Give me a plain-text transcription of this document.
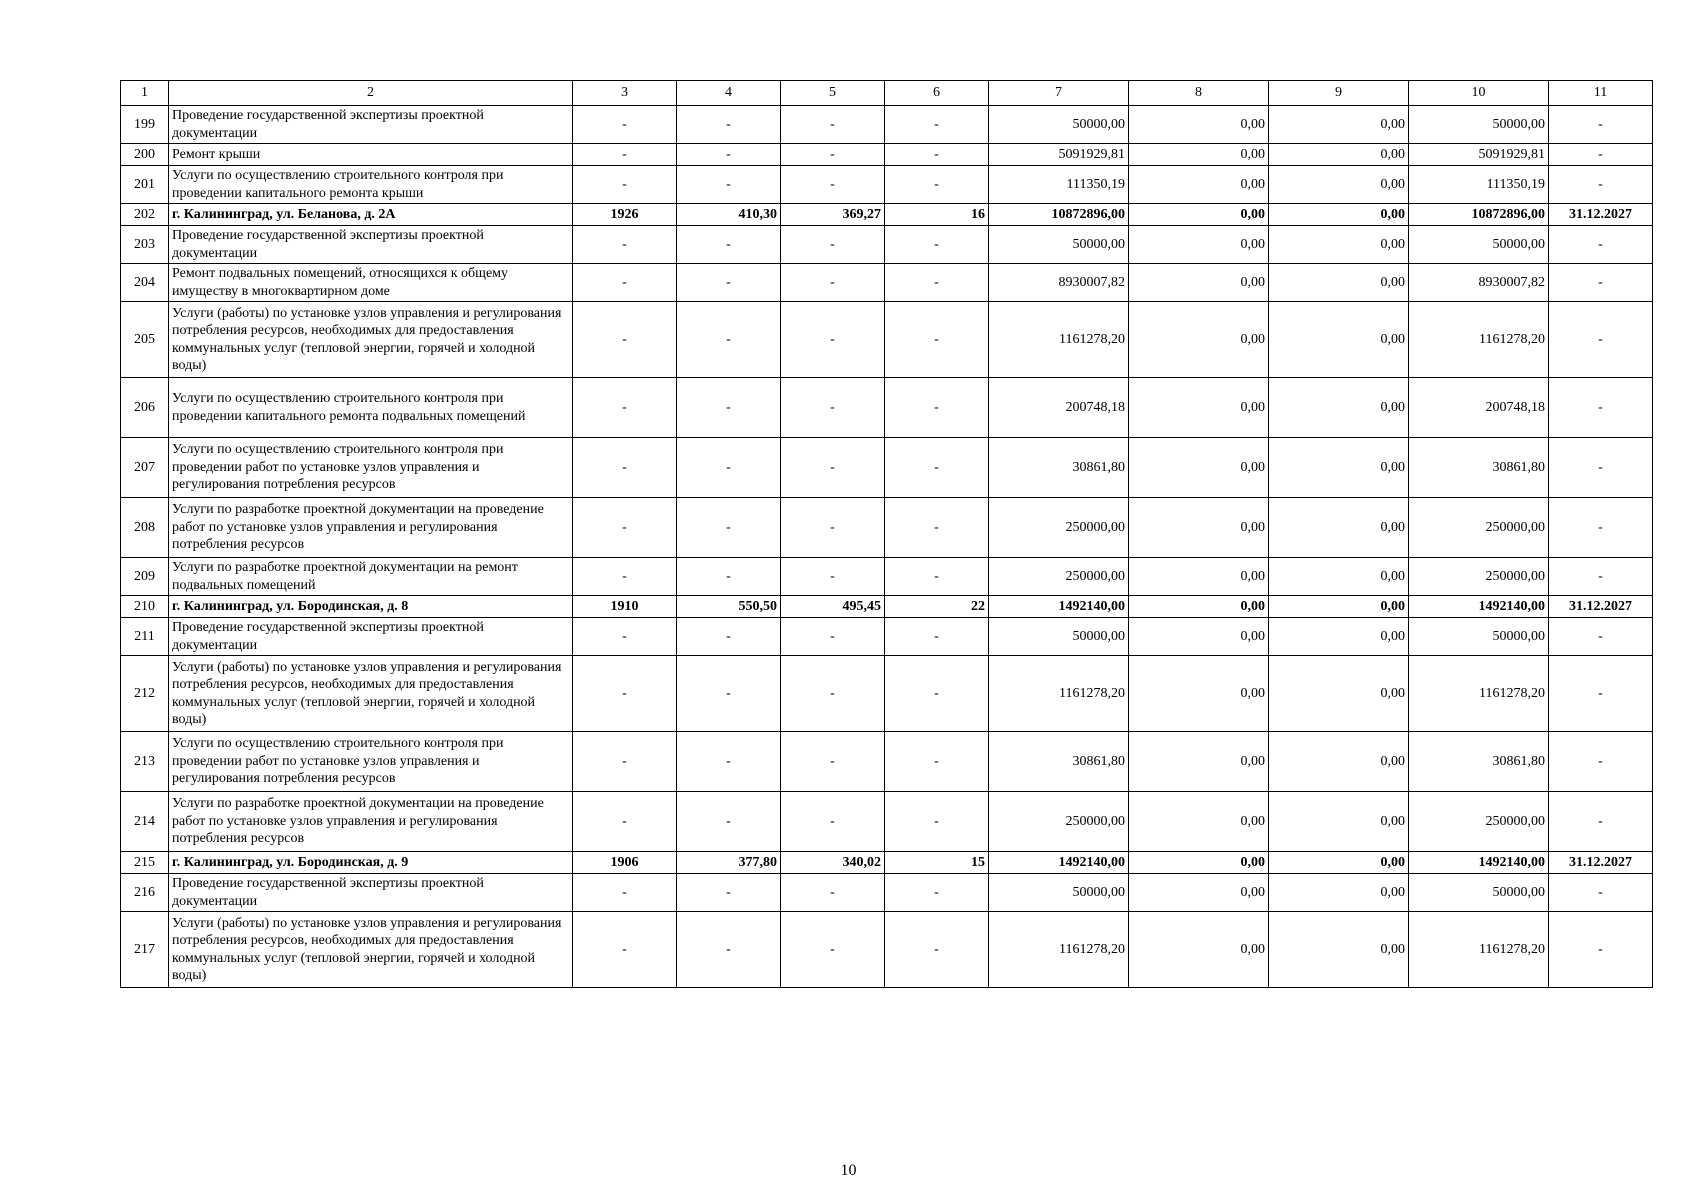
1	2	3	4	5	6	7	8	9	10	11
199	Проведение государственной экспертизы проектной документации	-	-	-	-	50000,00	0,00	0,00	50000,00	-
200	Ремонт крыши	-	-	-	-	5091929,81	0,00	0,00	5091929,81	-
201	Услуги по осуществлению строительного контроля при проведении капитального ремонта крыши	-	-	-	-	111350,19	0,00	0,00	111350,19	-
202	г. Калининград, ул. Беланова, д. 2А	1926	410,30	369,27	16	10872896,00	0,00	0,00	10872896,00	31.12.2027
203	Проведение государственной экспертизы проектной документации	-	-	-	-	50000,00	0,00	0,00	50000,00	-
204	Ремонт подвальных помещений, относящихся к общему имуществу в многоквартирном доме	-	-	-	-	8930007,82	0,00	0,00	8930007,82	-
205	Услуги (работы) по установке узлов управления и регулирования потребления ресурсов, необходимых для предоставления коммунальных услуг (тепловой энергии, горячей и холодной воды)	-	-	-	-	1161278,20	0,00	0,00	1161278,20	-
206	Услуги по осуществлению строительного контроля при проведении капитального ремонта подвальных помещений	-	-	-	-	200748,18	0,00	0,00	200748,18	-
207	Услуги по осуществлению строительного контроля при проведении работ по установке узлов управления и регулирования потребления ресурсов	-	-	-	-	30861,80	0,00	0,00	30861,80	-
208	Услуги по разработке проектной документации на проведение работ по установке узлов управления и регулирования потребления ресурсов	-	-	-	-	250000,00	0,00	0,00	250000,00	-
209	Услуги по разработке проектной документации на ремонт подвальных помещений	-	-	-	-	250000,00	0,00	0,00	250000,00	-
210	г. Калининград, ул. Бородинская, д. 8	1910	550,50	495,45	22	1492140,00	0,00	0,00	1492140,00	31.12.2027
211	Проведение государственной экспертизы проектной документации	-	-	-	-	50000,00	0,00	0,00	50000,00	-
212	Услуги (работы) по установке узлов управления и регулирования потребления ресурсов, необходимых для предоставления коммунальных услуг (тепловой энергии, горячей и холодной воды)	-	-	-	-	1161278,20	0,00	0,00	1161278,20	-
213	Услуги по осуществлению строительного контроля при проведении работ по установке узлов управления и регулирования потребления ресурсов	-	-	-	-	30861,80	0,00	0,00	30861,80	-
214	Услуги по разработке проектной документации на проведение работ по установке узлов управления и регулирования потребления ресурсов	-	-	-	-	250000,00	0,00	0,00	250000,00	-
215	г. Калининград, ул. Бородинская, д. 9	1906	377,80	340,02	15	1492140,00	0,00	0,00	1492140,00	31.12.2027
216	Проведение государственной экспертизы проектной документации	-	-	-	-	50000,00	0,00	0,00	50000,00	-
217	Услуги (работы) по установке узлов управления и регулирования потребления ресурсов, необходимых для предоставления коммунальных услуг (тепловой энергии, горячей и холодной воды)	-	-	-	-	1161278,20	0,00	0,00	1161278,20	-
10
